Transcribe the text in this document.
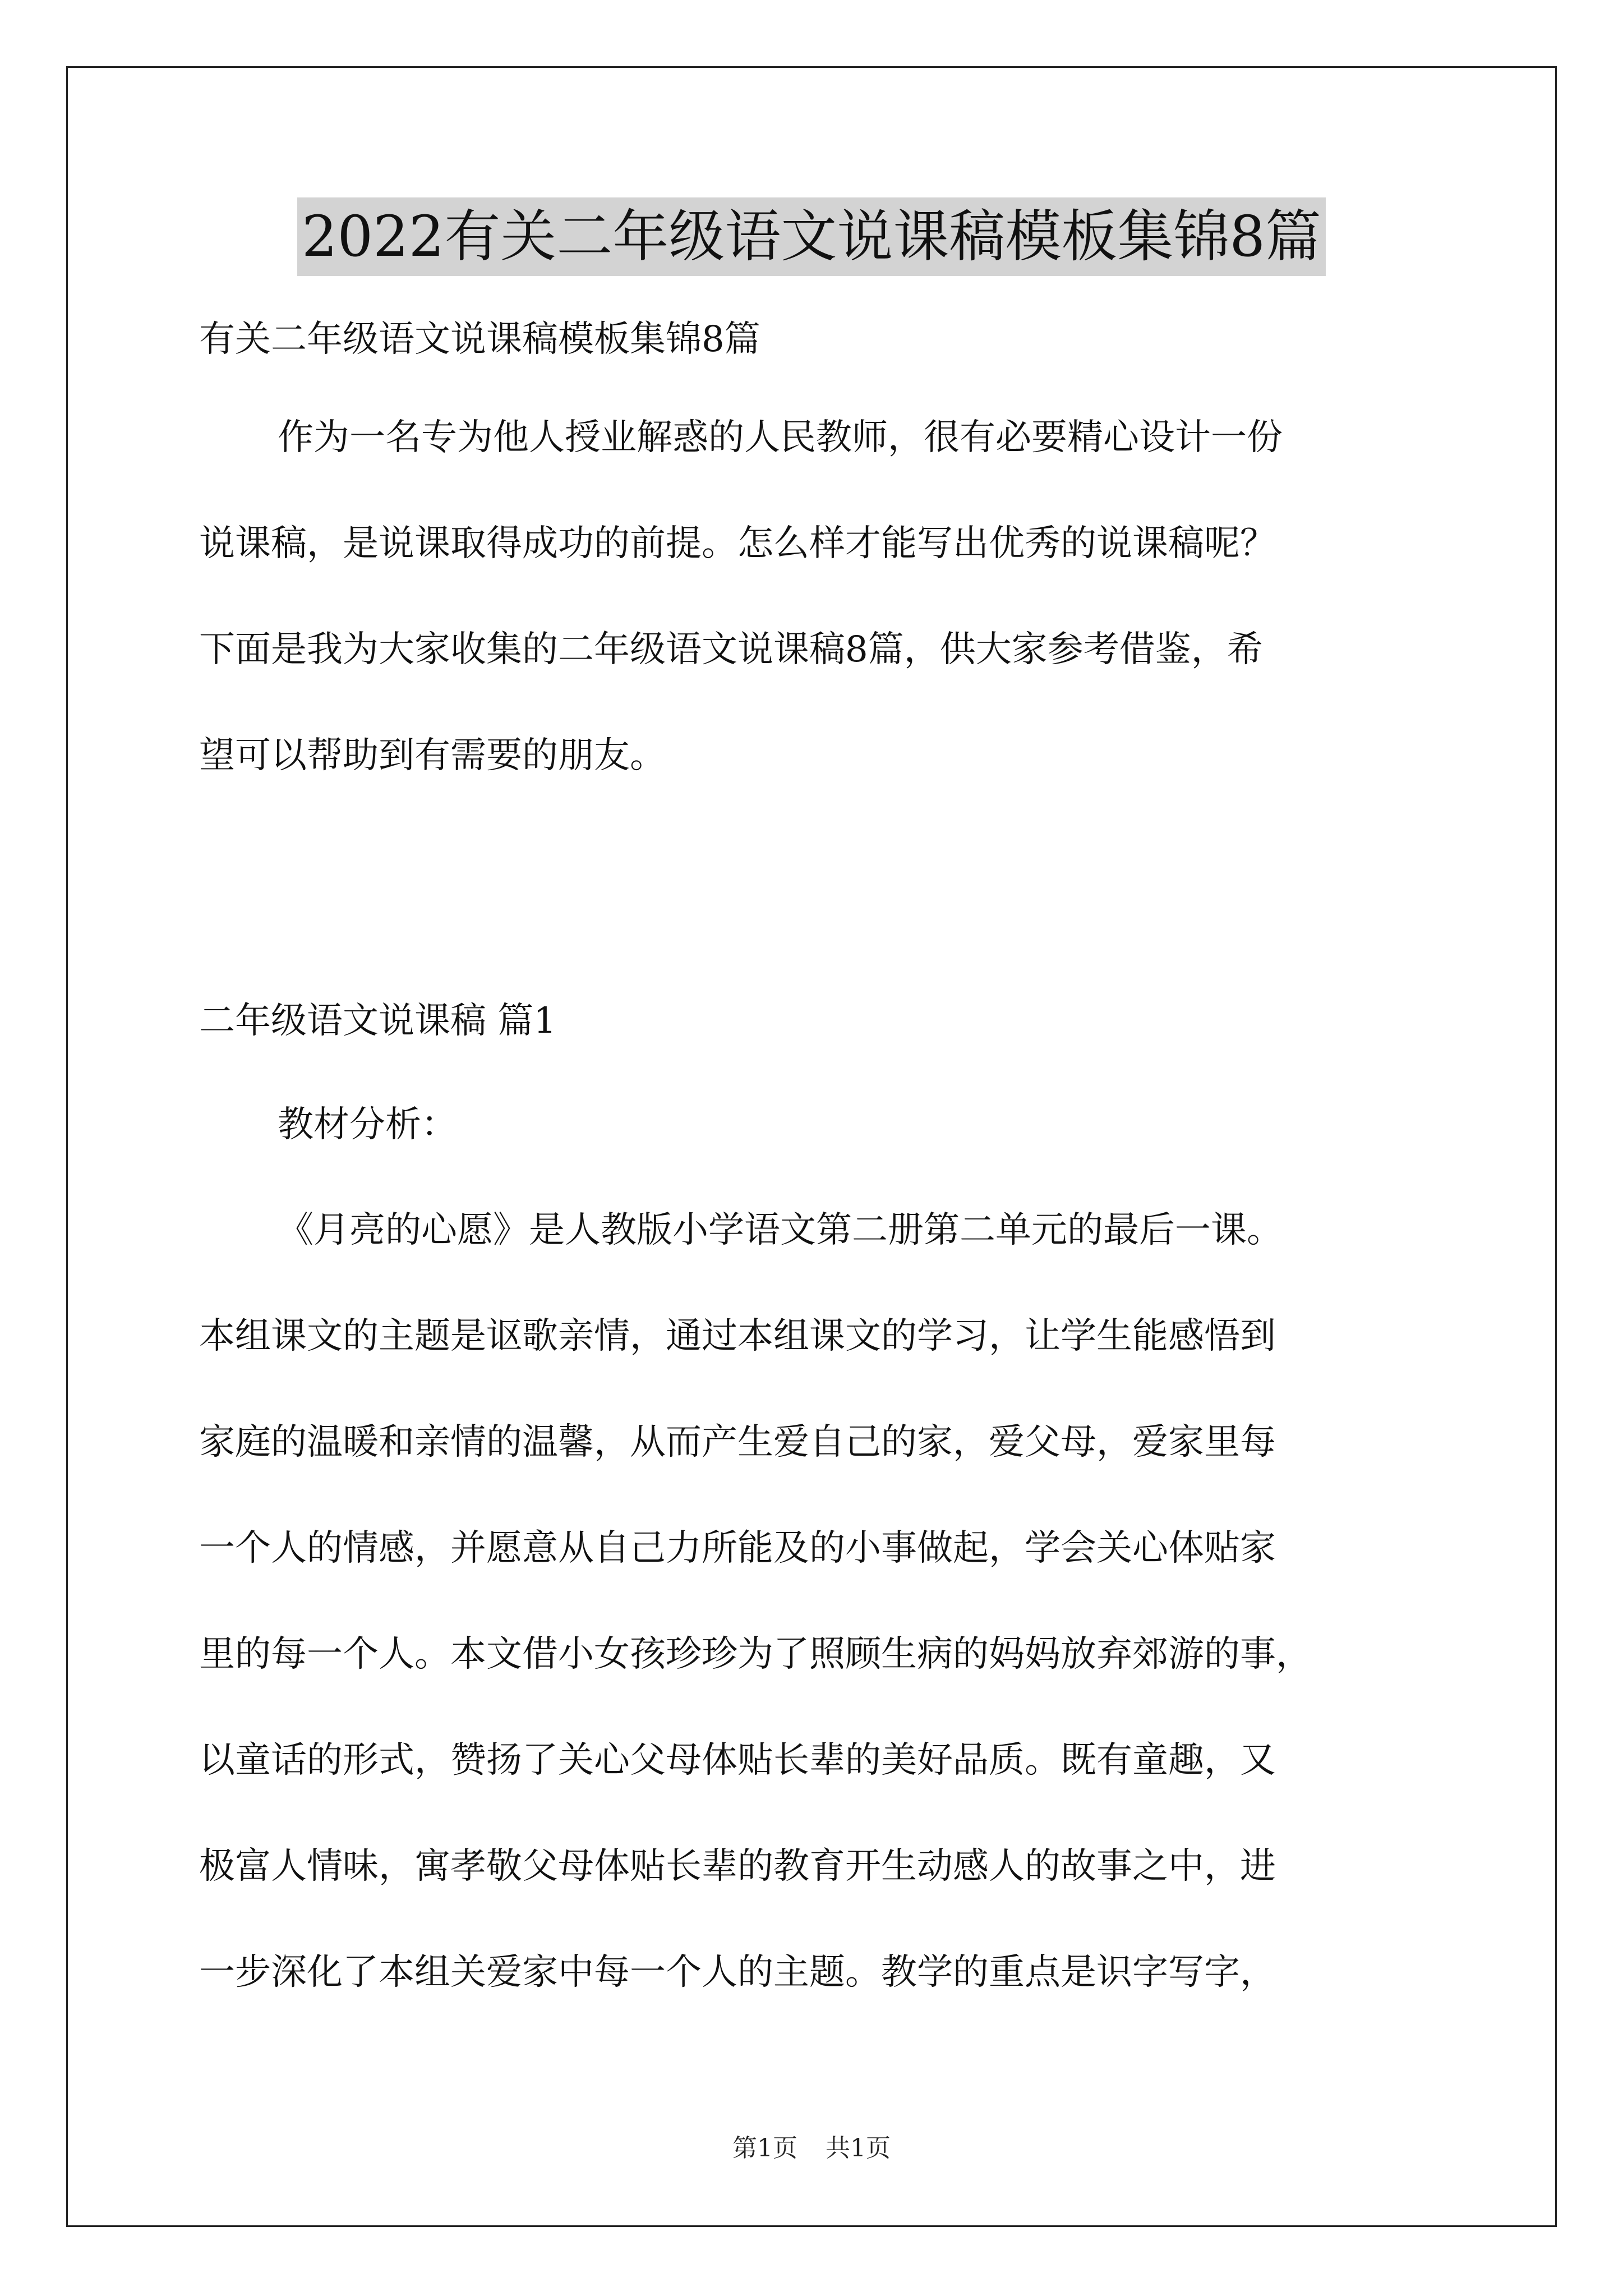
2022有关二年级语文说课稿模板集锦8篇
有关二年级语文说课稿模板集锦8篇
作为一名专为他人授业解惑的人民教师，很有必要精心设计一份
说课稿，是说课取得成功的前提。怎么样才能写出优秀的说课稿呢？
下面是我为大家收集的二年级语文说课稿8篇，供大家参考借鉴，希
望可以帮助到有需要的朋友。
二年级语文说课稿 篇1
教材分析：
《月亮的心愿》是人教版小学语文第二册第二单元的最后一课。
本组课文的主题是讴歌亲情，通过本组课文的学习，让学生能感悟到
家庭的温暖和亲情的温馨，从而产生爱自己的家，爱父母，爱家里每
一个人的情感，并愿意从自己力所能及的小事做起，学会关心体贴家
里的每一个人。本文借小女孩珍珍为了照顾生病的妈妈放弃郊游的事，
以童话的形式，赞扬了关心父母体贴长辈的美好品质。既有童趣，又
极富人情味，寓孝敬父母体贴长辈的教育开生动感人的故事之中，进
一步深化了本组关爱家中每一个人的主题。教学的重点是识字写字，
第1页 共1页
